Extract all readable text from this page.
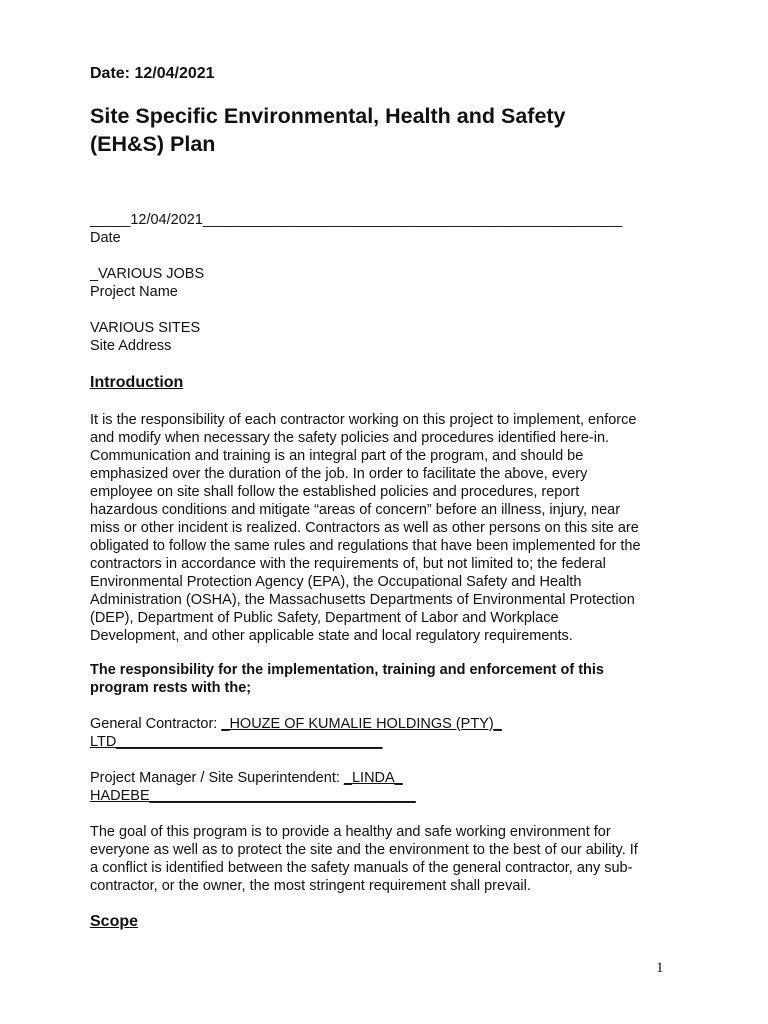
Date: 12/04/2021
Site Specific Environmental, Health and Safety
(EH&S) Plan
_____12/04/2021____________________________________________________
Date
_VARIOUS JOBS
Project Name
VARIOUS SITES
Site Address
Introduction
It is the responsibility of each contractor working on this project to implement, enforce
and modify when necessary the safety policies and procedures identified here-in.
Communication and training is an integral part of the program, and should be
emphasized over the duration of the job. In order to facilitate the above, every
employee on site shall follow the established policies and procedures, report
hazardous conditions and mitigate “areas of concern” before an illness, injury, near
miss or other incident is realized. Contractors as well as other persons on this site are
obligated to follow the same rules and regulations that have been implemented for the
contractors in accordance with the requirements of, but not limited to; the federal
Environmental Protection Agency (EPA), the Occupational Safety and Health
Administration (OSHA), the Massachusetts Departments of Environmental Protection
(DEP), Department of Public Safety, Department of Labor and Workplace
Development, and other applicable state and local regulatory requirements.
The responsibility for the implementation, training and enforcement of this
program rests with the;
General Contractor: _HOUZE OF KUMALIE HOLDINGS (PTY)_
LTD_________________________________
Project Manager / Site Superintendent: _LINDA_
HADEBE_________________________________
The goal of this program is to provide a healthy and safe working environment for
everyone as well as to protect the site and the environment to the best of our ability. If
a conflict is identified between the safety manuals of the general contractor, any sub-
contractor, or the owner, the most stringent requirement shall prevail.
Scope
1
